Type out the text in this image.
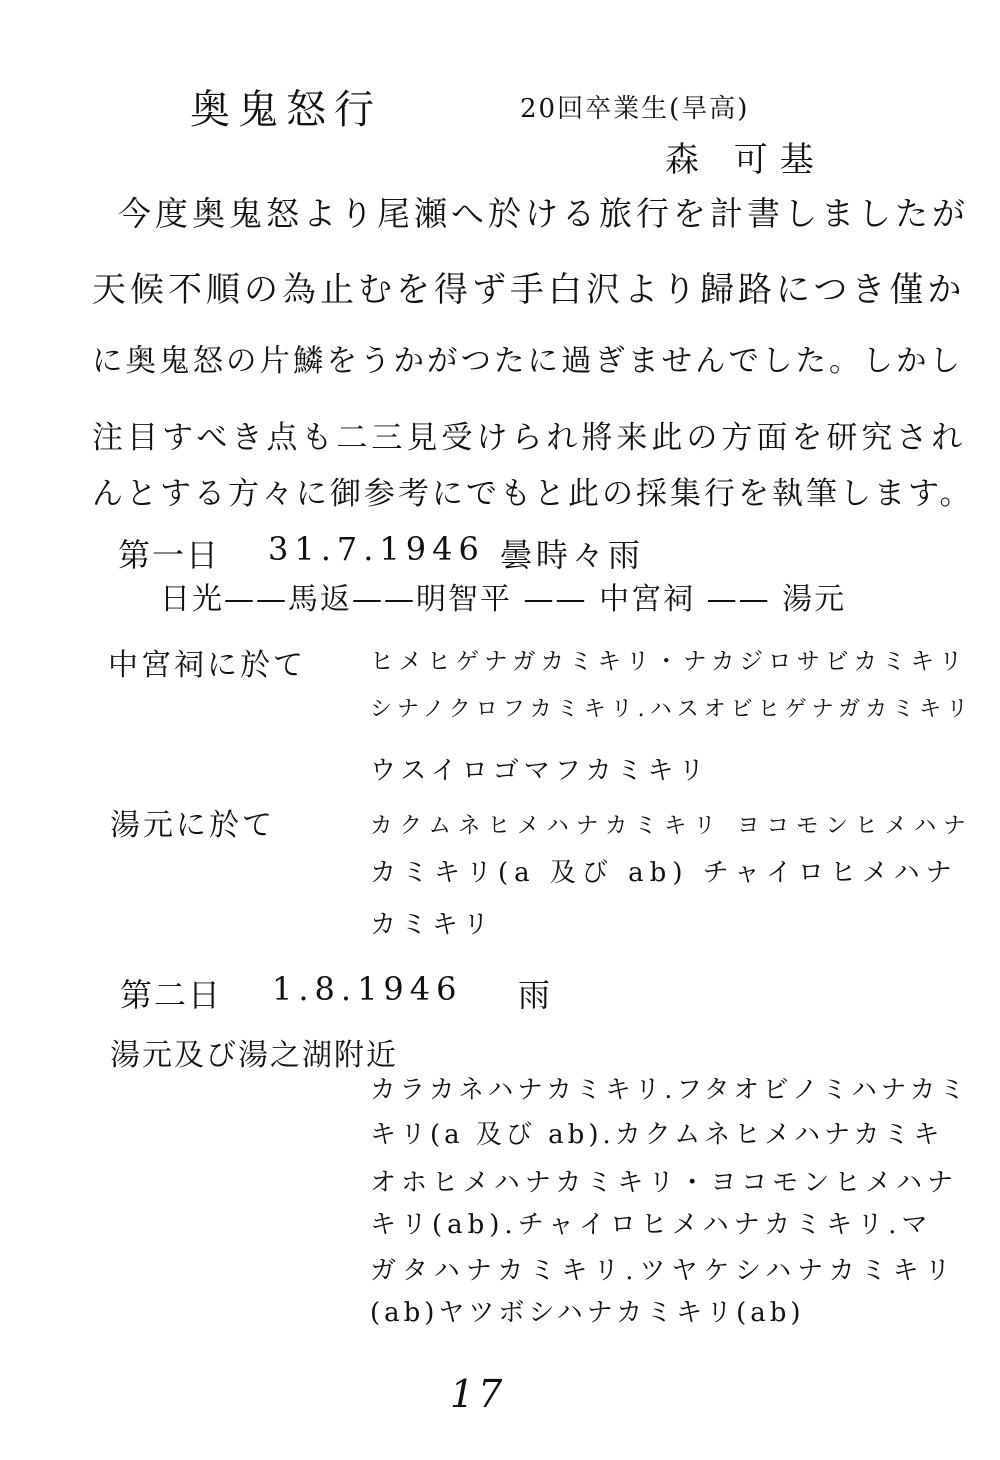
奥鬼怒行	20回卒業生(旱高)
森 可基
今度奥鬼怒より尾瀬へ於ける旅行を計書しましたが
天候不順の為止むを得ず手白沢より歸路につき僅か
に奥鬼怒の片鱗をうかがつたに過ぎませんでした。しかし
注目すべき点も二三見受けられ將来此の方面を研究され
んとする方々に御参考にでもと此の採集行を執筆します。
第一日 31.7.1946 曇時々雨
日光——馬返——明智平 —— 中宮祠 —— 湯元
中宮祠に於て	ヒメヒゲナガカミキリ・ナカジロサビカミキリ
シナノクロフカミキリ.ハスオビヒゲナガカミキリ
ウスイロゴマフカミキリ
湯元に於て	カクムネヒメハナカミキリ ヨコモンヒメハナ
カミキリ(a 及び ab) チャイロヒメハナ
カミキリ
第二日 1.8.1946 雨
湯元及び湯之湖附近
カラカネハナカミキリ.フタオビノミハナカミ
キリ(a 及び ab).カクムネヒメハナカミキ
オホヒメハナカミキリ・ヨコモンヒメハナ
キリ(ab).チャイロヒメハナカミキリ.マ
ガタハナカミキリ.ツヤケシハナカミキリ
(ab)ヤツボシハナカミキリ(ab)
17
